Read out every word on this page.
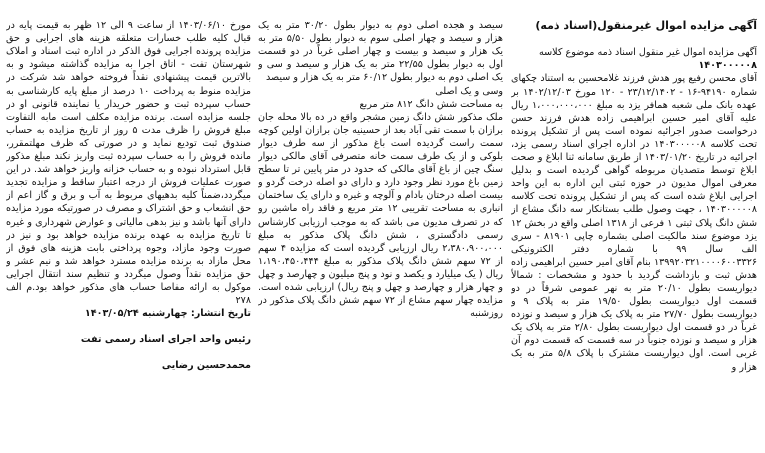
آگهی مزایده اموال غیرمنقول(اسناد ذمه)

آگهی مزایده اموال غیر منقول اسناد ذمه موضوع کلاسه
۱۴۰۳۰۰۰۰۰۸
آقای محسن رفیع پور هدش فرزند غلامحسین به استناد چکهای شماره ۹۴۱۹۰-۱۶ - ۲۳/۱۲/۱۴۰۲ - ۱۲۰ مورخ ۱۴۰۲/۱۲/۰۳ بر عهده بانک ملی شعبه همافر یزد به مبلغ ۱،۰۰۰،۰۰۰،۰۰۰ ریال علیه آقای امیر حسین ابراهیمی زاده هدش فرزند حسن درخواست صدور اجرائیه نموده است پس از تشکیل پرونده تحت کلاسه ۱۴۰۳۰۰۰۰۰۸ در اداره اجرای اسناد رسمی یزد، اجرائیه در تاریخ ۱۴۰۳/۰۱/۲۰ از طریق سامانه ثنا ابلاغ و صحت ابلاغ توسط متصدیان مربوطه گواهی گردیده است و بدلیل معرفی اموال مدیون در حوزه ثبتی این اداره به این واحد اجرایی ابلاغ شده است که پس از تشکیل پرونده تحت کلاسه ۱۴۰۳۰۰۰۰۰۸ ، جهت وصول طلب بستانکار سه دانگ مشاع از شش دانگ پلاک ثبتی ۱ فرعی از ۱۳۱۸ اصلی واقع در بخش ۱۲ یزد موضوع سند مالکیت اصلی بشماره چاپی ۸۱۹۰۱ - سری الف سال ۹۹ با شماره دفتر الکترونیکی ۱۳۹۹۲۰۳۲۱۰۰۰۰۶۰۰۳۳۲۶ بنام آقای امیر حسین ابراهیمی زاده هدش ثبت و بازداشت گردید با حدود و مشخصات : شمالاً دیواریست بطول ۲۰/۱۰ متر به نهر عمومی شرقاً در دو قسمت اول دیواریست بطول ۱۹/۵۰ متر به پلاک ۹ و دیواریست بطول ۲۷/۷۰ متر به پلاک یک هزار و سیصد و نوزده غرباً در دو قسمت اول دیواریست بطول ۲/۸۰ متر به پلاک یک هزار و سیصد و نوزده جنوباً در سه قسمت که قسمت دوم آن غربی است. اول دیواریست مشترک با پلاک ۵/۸ متر به یک هزار و

سیصد و هجده اصلی دوم به دیوار بطول ۳۰/۲۰ متر به یک هزار و سیصد و چهار اصلی سوم به دیوار بطول ۵/۵۰ متر به یک هزار و سیصد و بیست و چهار اصلی غرباً در دو قسمت اول به دیوار بطول ۲۲/۵۵ متر به یک هزار و سیصد و سی و یک اصلی دوم به دیوار بطول ۶۰/۱۲ متر به یک هزار و سیصد
وسی و یک اصلی
به مساحت شش دانگ ۸۱۲ متر مربع
ملک مذکور شش دانگ زمین مشجر واقع در ده بالا محله جان برازان با سمت تقی آباد بعد از حسینیه جان برازان اولین کوچه سمت راست گردیده است باغ مذکور از سه طرف دیوار بلوکی و از یک طرف سمت خانه متصرفی آقای مالکی دیوار سنگ چین از باغ آقای مالکی که حدود در متر پایین تر تا سطح زمین باغ مورد نظر وجود دارد و دارای دو اصله درخت گردو و بیست اصله درختان بادام و آلوچه و غیره و دارای یک ساختمان انباری به مساحت تقریبی ۱۲ متر مربع و فاقد راه ماشین رو که در تصرف مدیون می باشد که به موجب ارزیابی کارشناس رسمی دادگستری ، شش دانگ پلاک مذکور به مبلغ ۲،۳۸۰،۹۰۰،۰۰۰ ریال ارزیابی گردیده است که مزایده ۴ سهم از ۷۲ سهم شش دانگ پلاک مذکور به مبلغ ۱،۱۹۰،۴۵۰،۴۴۴ ریال ( یک میلیارد و یکصد و نود و پنج میلیون و چهارصد و چهل و چهار هزار و چهارصد و چهل و پنج ریال) ارزیابی شده است. مزایده چهار سهم مشاع از ۷۲ سهم شش دانگ پلاک مذکور در روزشنبه

مورخ ۱۴۰۳/۰۶/۱۰ از ساعت ۹ الی ۱۲ ظهر به قیمت پایه در قبال کلیه طلب خسارات متعلقه هزینه های اجرایی و حق مزایده پرونده اجرایی فوق الذکر در اداره ثبت اسناد و املاک شهرستان تفت - اتاق اجرا به مزایده گذاشته میشود و به بالاترین قیمت پیشنهادی نقداً فروخته خواهد شد شرکت در مزایده منوط به پرداخت ۱۰ درصد از مبلغ پایه کارشناسی به حساب سپرده ثبت و حضور خریدار یا نماینده قانونی او در جلسه مزایده است. برنده مزایده مکلف است مابه التفاوت مبلغ فروش را ظرف مدت ۵ روز از تاریخ مزایده به حساب صندوق ثبت تودیع نماید و در صورتی که ظرف مهلتمقرر، مانده فروش را به حساب سپرده ثبت واریز نکند مبلغ مذکور قابل استرداد نبوده و به حساب خزانه واریز خواهد شد. در این صورت عملیات فروش از درجه اعتبار ساقط و مزایده تجدید میگردد،ضمناً کلیه بدهیهای مربوط به آب و برق و گاز اعم از حق انشعاب و حق اشتراک و مصرف در صورتیکه مورد مزایده دارای آنها باشد و نیز بدهی مالیاتی و عوارض شهرداری و غیره تا تاریخ مزایده به عهده برنده مزایده خواهد بود و نیز در صورت وجود مازاد، وجوه پرداختی بابت هزینه های فوق از محل مازاد به برنده مزایده مسترد خواهد شد و نیم عشر و حق مزایده نقداً وصول میگردد و تنظیم سند انتقال اجرایی موکول به ارائه مفاصا حساب های مذکور خواهد بود.م الف ۲۷۸

تاریخ انتشار: چهارشنبه ۱۴۰۳/۰۵/۲۴

رئیس واحد اجرای اسناد رسمی تفت

محمدحسین رضایی
